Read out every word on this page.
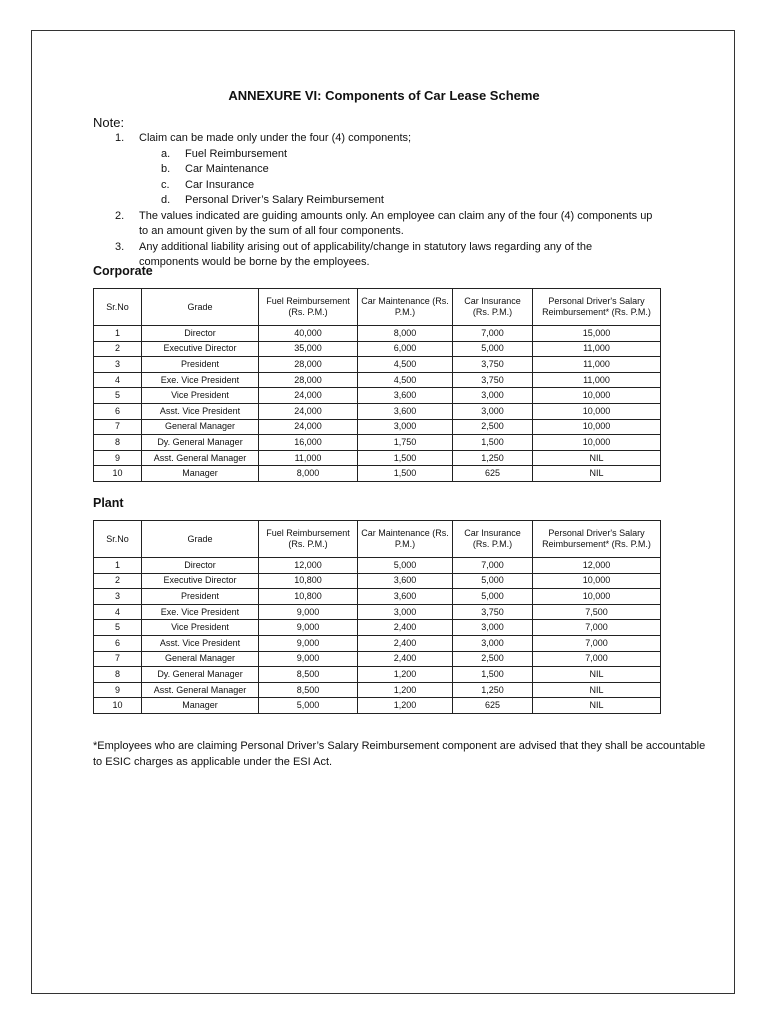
ANNEXURE VI: Components of Car Lease Scheme
Note:
1. Claim can be made only under the four (4) components;
a. Fuel Reimbursement
b. Car Maintenance
c. Car Insurance
d. Personal Driver’s Salary Reimbursement
2. The values indicated are guiding amounts only. An employee can claim any of the four (4) components up to an amount given by the sum of all four components.
3. Any additional liability arising out of applicability/change in statutory laws regarding any of the components would be borne by the employees.
Corporate
Sr.No	Grade	Fuel Reimbursement (Rs. P.M.)	Car Maintenance (Rs. P.M.)	Car Insurance (Rs. P.M.)	Personal Driver's Salary Reimbursement* (Rs. P.M.)
1	Director	40,000	8,000	7,000	15,000
2	Executive Director	35,000	6,000	5,000	11,000
3	President	28,000	4,500	3,750	11,000
4	Exe. Vice President	28,000	4,500	3,750	11,000
5	Vice President	24,000	3,600	3,000	10,000
6	Asst. Vice President	24,000	3,600	3,000	10,000
7	General Manager	24,000	3,000	2,500	10,000
8	Dy. General Manager	16,000	1,750	1,500	10,000
9	Asst. General Manager	11,000	1,500	1,250	NIL
10	Manager	8,000	1,500	625	NIL
Plant
Sr.No	Grade	Fuel Reimbursement (Rs. P.M.)	Car Maintenance (Rs. P.M.)	Car Insurance (Rs. P.M.)	Personal Driver's Salary Reimbursement* (Rs. P.M.)
1	Director	12,000	5,000	7,000	12,000
2	Executive Director	10,800	3,600	5,000	10,000
3	President	10,800	3,600	5,000	10,000
4	Exe. Vice President	9,000	3,000	3,750	7,500
5	Vice President	9,000	2,400	3,000	7,000
6	Asst. Vice President	9,000	2,400	3,000	7,000
7	General Manager	9,000	2,400	2,500	7,000
8	Dy. General Manager	8,500	1,200	1,500	NIL
9	Asst. General Manager	8,500	1,200	1,250	NIL
10	Manager	5,000	1,200	625	NIL
*Employees who are claiming Personal Driver’s Salary Reimbursement component are advised that they shall be accountable to ESIC charges as applicable under the ESI Act.
